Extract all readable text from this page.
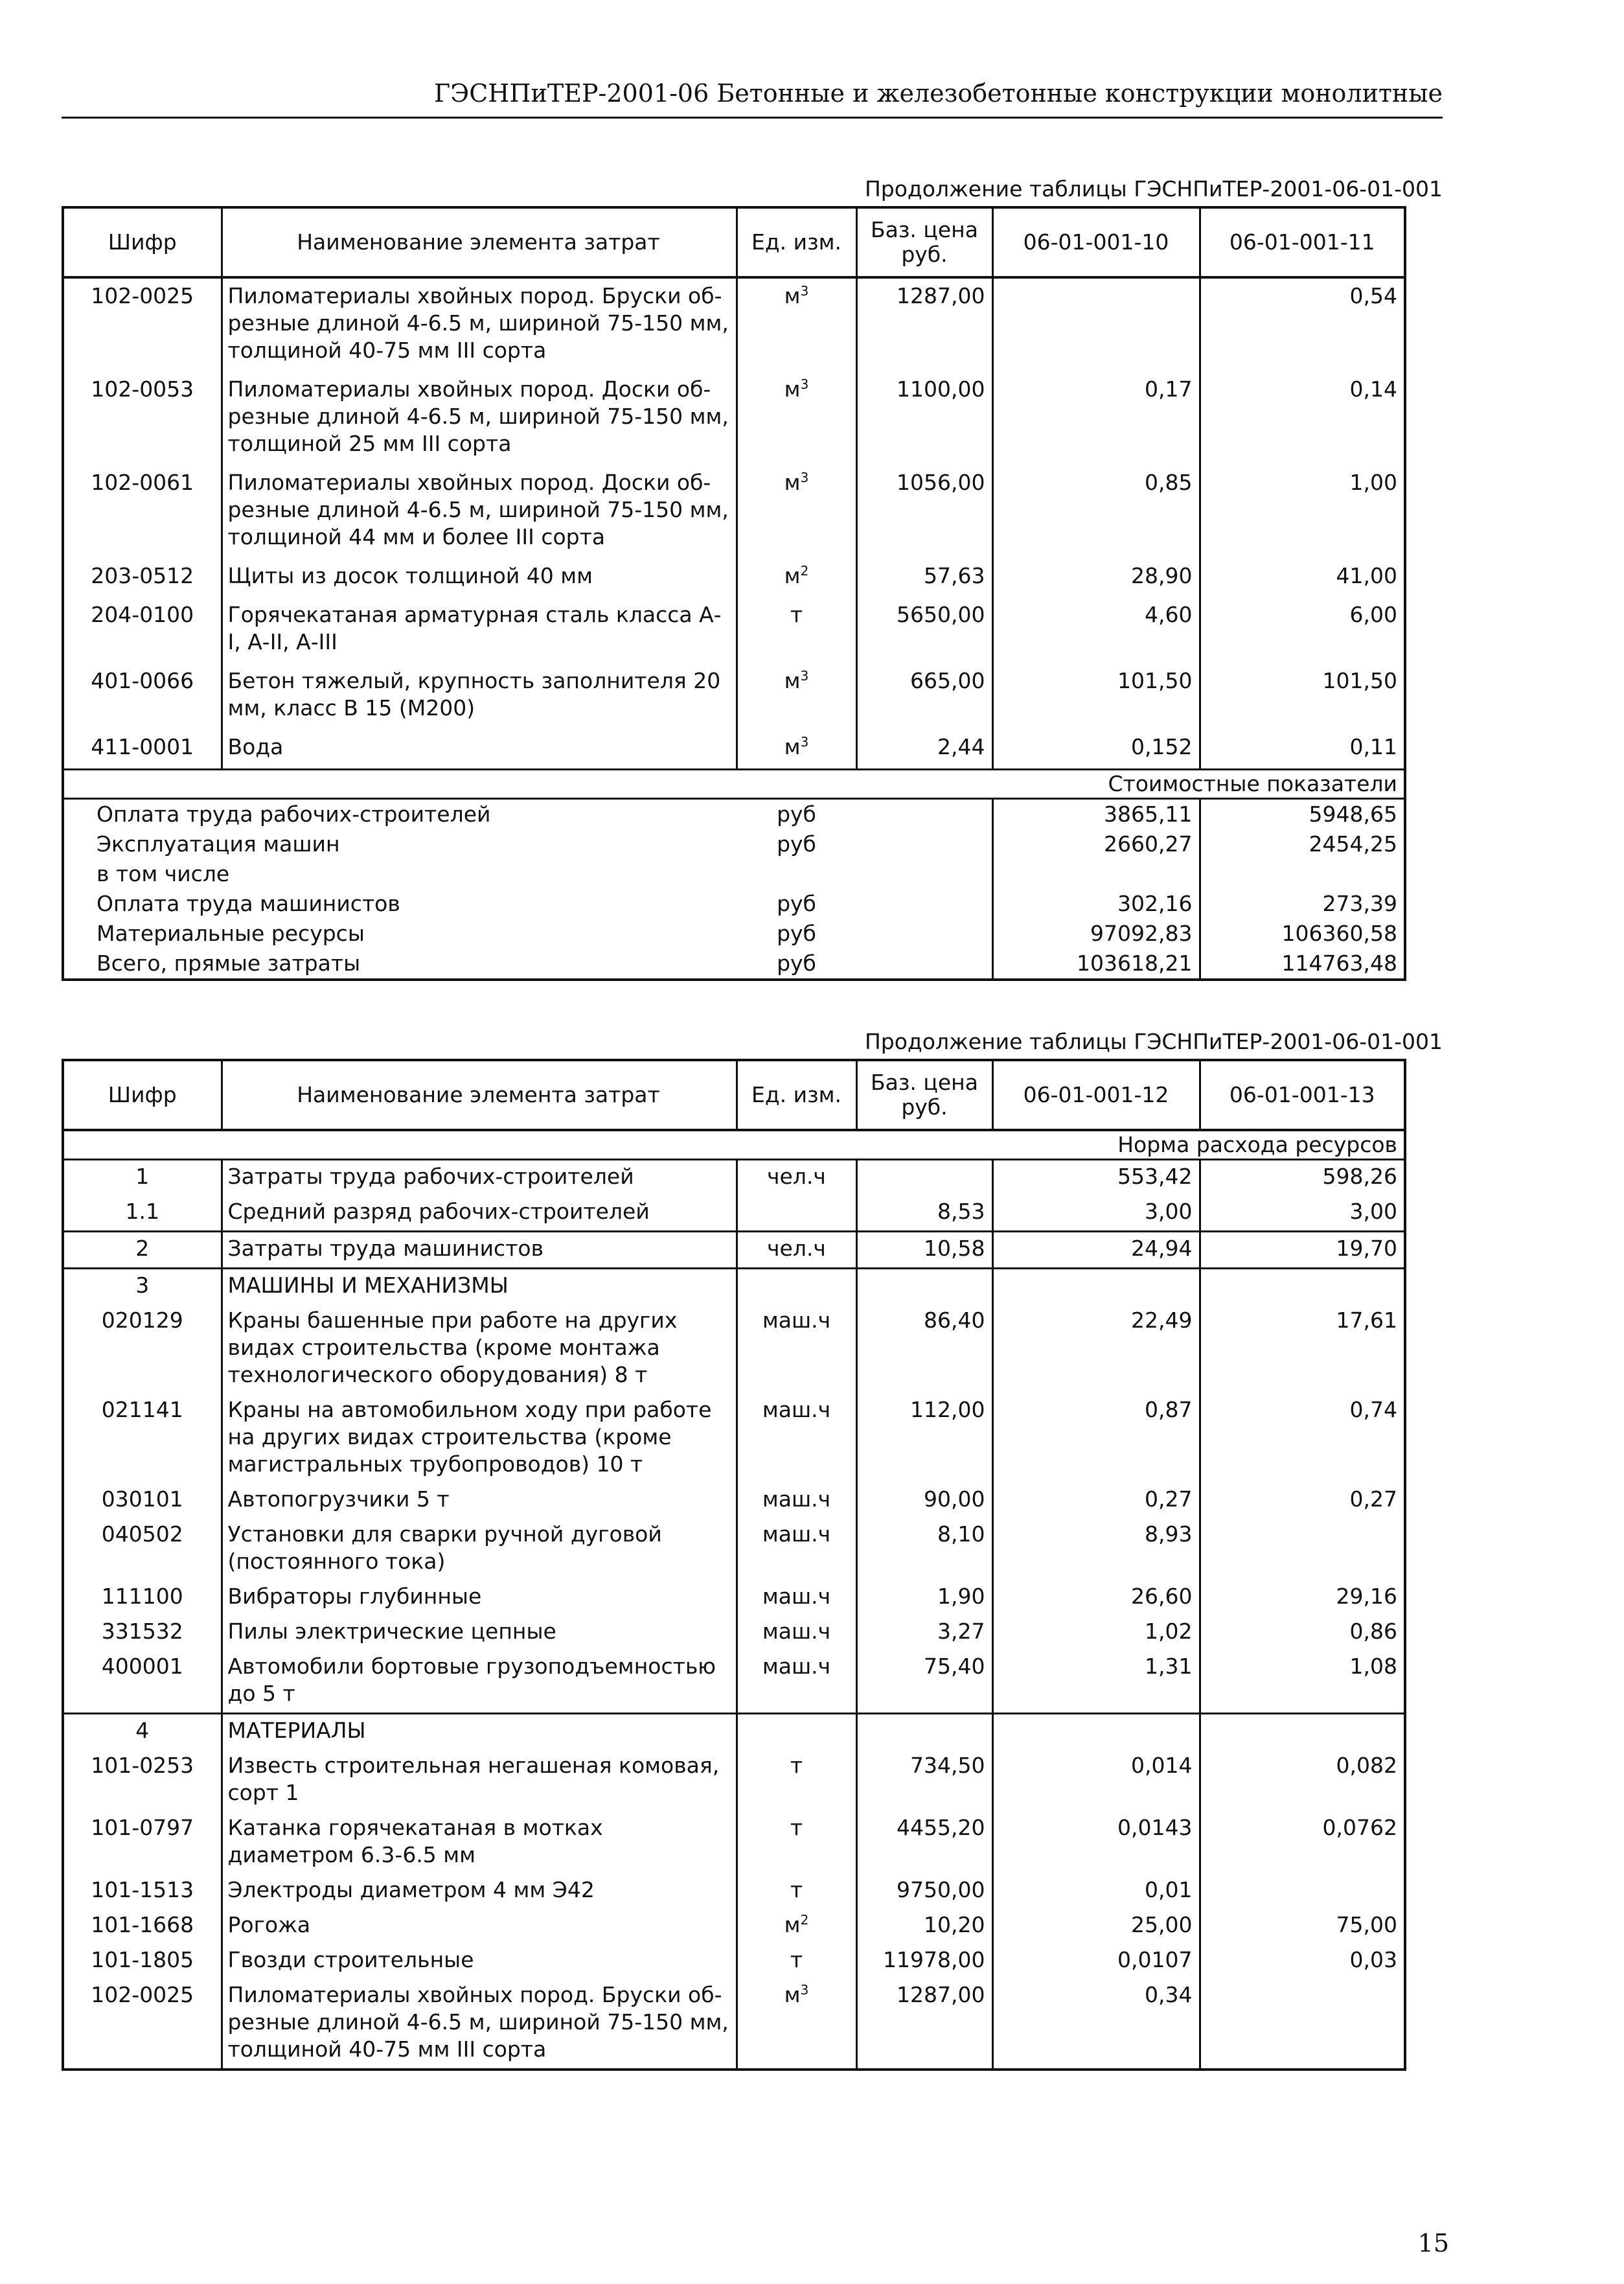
ГЭСНПиТЕР-2001-06 Бетонные и железобетонные конструкции монолитные
Продолжение таблицы ГЭСНПиТЕР-2001-06-01-001
Шифр	Наименование элемента затрат	Ед. изм.	Баз. цена руб.	06-01-001-10	06-01-001-11
102-0025	Пиломатериалы хвойных пород. Бруски об-резные длиной 4-6.5 м, шириной 75-150 мм, толщиной 40-75 мм III сорта	$м^3$	1287,00		0,54
102-0053	Пиломатериалы хвойных пород. Доски об-резные длиной 4-6.5 м, шириной 75-150 мм, толщиной 25 мм III сорта	$м^3$	1100,00	0,17	0,14
102-0061	Пиломатериалы хвойных пород. Доски об-резные длиной 4-6.5 м, шириной 75-150 мм, толщиной 44 мм и более III сорта	$м^3$	1056,00	0,85	1,00
203-0512	Щиты из досок толщиной 40 мм	$м^2$	57,63	28,90	41,00
204-0100	Горячекатаная арматурная сталь класса А-I, А-II, А-III	т	5650,00	4,60	6,00
401-0066	Бетон тяжелый, крупность заполнителя 20 мм, класс В 15 (М200)	$м^3$	665,00	101,50	101,50
411-0001	Вода	$м^3$	2,44	0,152	0,11
Стоимостные показатели					
Оплата труда рабочих-строителей		руб		3865,11	5948,65
Эксплуатация машин		руб		2660,27	2454,25
в том числе					
Оплата труда машинистов		руб		302,16	273,39
Материальные ресурсы		руб		97092,83	106360,58
Всего, прямые затраты		руб		103618,21	114763,48
Продолжение таблицы ГЭСНПиТЕР-2001-06-01-001
Шифр	Наименование элемента затрат	Ед. изм.	Баз. цена руб.	06-01-001-12	06-01-001-13
Норма расхода ресурсов					
1	Затраты труда рабочих-строителей	чел.ч		553,42	598,26
1.1	Средний разряд рабочих-строителей		8,53	3,00	3,00
2	Затраты труда машинистов	чел.ч	10,58	24,94	19,70
3	МАШИНЫ И МЕХАНИЗМЫ				
020129	Краны башенные при работе на других видах строительства (кроме монтажа технологического оборудования) 8 т	маш.ч	86,40	22,49	17,61
021141	Краны на автомобильном ходу при работе на других видах строительства (кроме магистральных трубопроводов) 10 т	маш.ч	112,00	0,87	0,74
030101	Автопогрузчики 5 т	маш.ч	90,00	0,27	0,27
040502	Установки для сварки ручной дуговой (постоянного тока)	маш.ч	8,10	8,93	
111100	Вибраторы глубинные	маш.ч	1,90	26,60	29,16
331532	Пилы электрические цепные	маш.ч	3,27	1,02	0,86
400001	Автомобили бортовые грузоподъемностью до 5 т	маш.ч	75,40	1,31	1,08
4	МАТЕРИАЛЫ				
101-0253	Известь строительная негашеная комовая, сорт 1	т	734,50	0,014	0,082
101-0797	Катанка горячекатаная в мотках диаметром 6.3-6.5 мм	т	4455,20	0,0143	0,0762
101-1513	Электроды диаметром 4 мм Э42	т	9750,00	0,01	
101-1668	Рогожа	$м^2$	10,20	25,00	75,00
101-1805	Гвозди строительные	т	11978,00	0,0107	0,03
102-0025	Пиломатериалы хвойных пород. Бруски об-резные длиной 4-6.5 м, шириной 75-150 мм, толщиной 40-75 мм III сорта	$м^3$	1287,00	0,34	
15
